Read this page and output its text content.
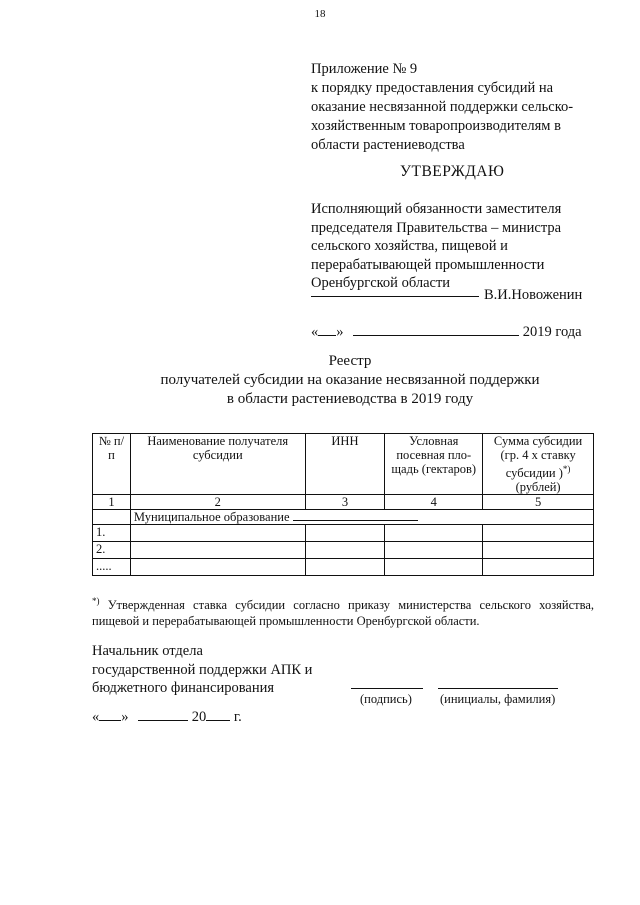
18
Приложение № 9
к порядку предоставления субсидий на
оказание несвязанной поддержки сельско-
хозяйственным товаропроизводителям в
области растениеводства
УТВЕРЖДАЮ
Исполняющий обязанности заместителя
председателя Правительства – министра
сельского хозяйства, пищевой и
перерабатывающей промышленности
Оренбургской области
В.И.Новоженин
« »	2019 года
Реестр
получателей субсидии на оказание несвязанной поддержки
в области растениеводства в 2019 году
№ п/п	Наименование получателя субсидии	ИНН	Условная посевная пло-щадь (гектаров)	Сумма субсидии (гр. 4 х ставку субсидии )*)
(рублей)

1	2	3	4	5
	Муниципальное образование			
1.				
2.				
.....				
*) Утвержденная ставка субсидии согласно приказу министерства сельского хозяйства, пищевой и перерабатывающей промышленности Оренбургской области.
Начальник отдела
государственной поддержки АПК и
бюджетного финансирования
(подпись) (инициалы, фамилия)
« »	20 г.
